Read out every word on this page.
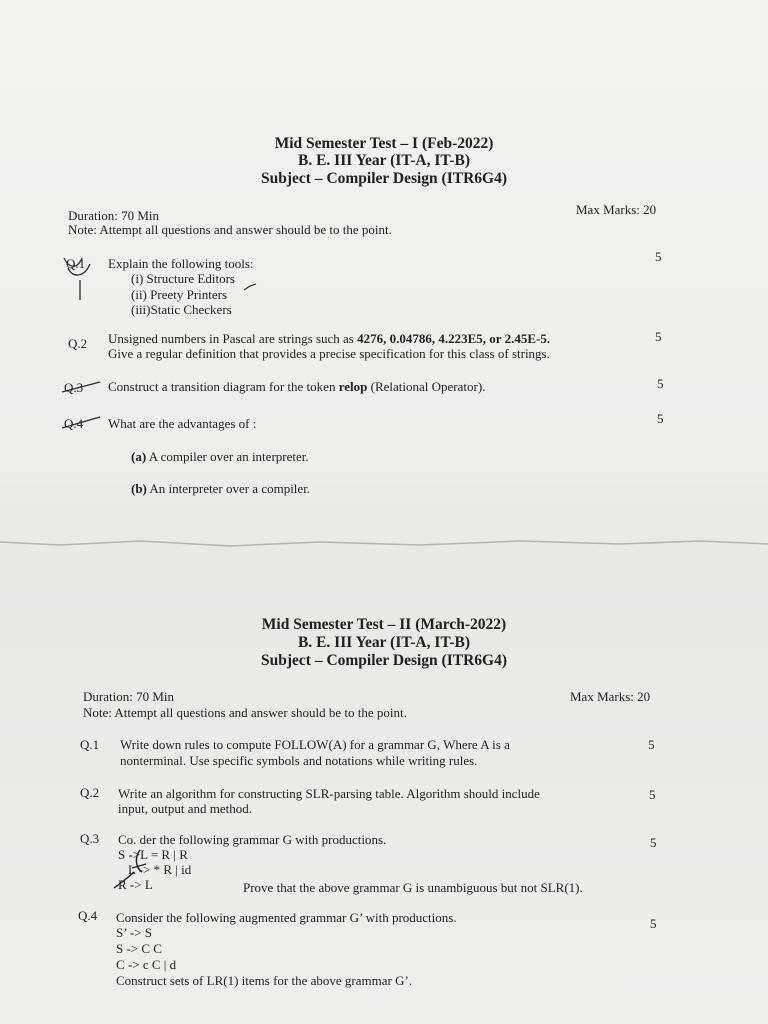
Mid Semester Test – I (Feb-2022)
B. E. III Year (IT-A, IT-B)
Subject – Compiler Design (ITR6G4)
Duration: 70 Min	Max Marks: 20
Note: Attempt all questions and answer should be to the point.
Q.1 Explain the following tools:
(i) Structure Editors
(ii) Preety Printers
(iii)Static Checkers
5
Q.2 Unsigned numbers in Pascal are strings such as 4276, 0.04786, 4.223E5, or 2.45E-5.
Give a regular definition that provides a precise specification for this class of strings.
5
Q.3 Construct a transition diagram for the token relop (Relational Operator).	5
Q.4 What are the advantages of :	5
(a) A compiler over an interpreter.
(b) An interpreter over a compiler.
Mid Semester Test – II (March-2022)
B. E. III Year (IT-A, IT-B)
Subject – Compiler Design (ITR6G4)
Duration: 70 Min	Max Marks: 20
Note: Attempt all questions and answer should be to the point.
Q.1 Write down rules to compute FOLLOW(A) for a grammar G, Where A is a
nonterminal. Use specific symbols and notations while writing rules.
5
Q.2 Write an algorithm for constructing SLR-parsing table. Algorithm should include
input, output and method.
5
Q.3 Co. der the following grammar G with productions.
S ->L = R | R
L -> * R | id
R -> L	Prove that the above grammar G is unambiguous but not SLR(1).
5
Q.4 Consider the following augmented grammar G’ with productions.
S’ -> S
S -> C C
C -> c C | d
Construct sets of LR(1) items for the above grammar G’.
5
